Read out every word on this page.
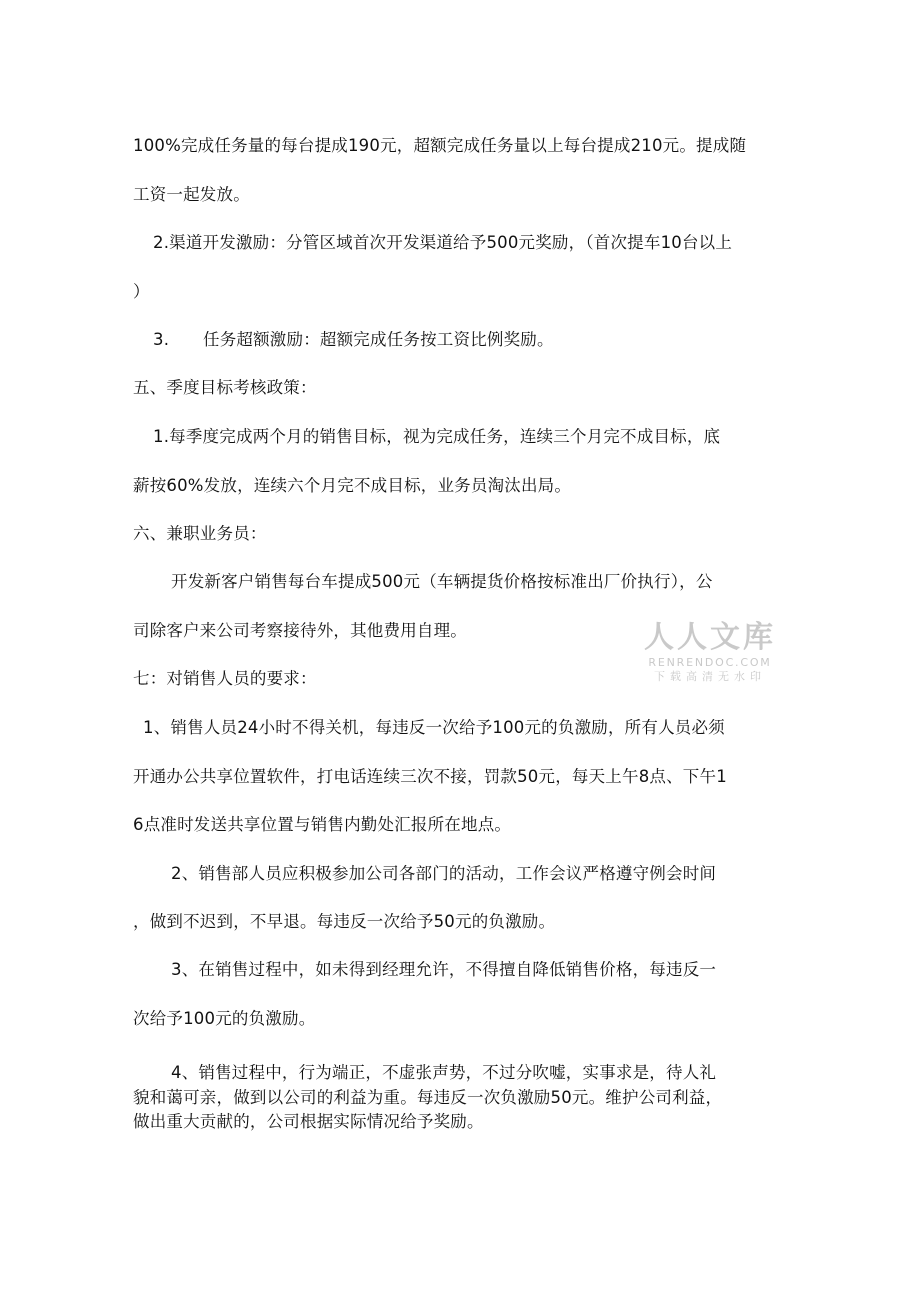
100%完成任务量的每台提成190元，超额完成任务量以上每台提成210元。提成随
工资一起发放。
2.渠道开发激励：分管区域首次开发渠道给予500元奖励，（首次提车10台以上
）
3. 任务超额激励：超额完成任务按工资比例奖励。
五、季度目标考核政策：
1.每季度完成两个月的销售目标，视为完成任务，连续三个月完不成目标，底
薪按60%发放，连续六个月完不成目标，业务员淘汰出局。
六、兼职业务员：
开发新客户销售每台车提成500元（车辆提货价格按标准出厂价执行），公
司除客户来公司考察接待外，其他费用自理。
七：对销售人员的要求：
1、销售人员24小时不得关机，每违反一次给予100元的负激励，所有人员必须
开通办公共享位置软件，打电话连续三次不接，罚款50元，每天上午8点、下午1
6点准时发送共享位置与销售内勤处汇报所在地点。
2、销售部人员应积极参加公司各部门的活动，工作会议严格遵守例会时间
，做到不迟到，不早退。每违反一次给予50元的负激励。
3、在销售过程中，如未得到经理允许，不得擅自降低销售价格，每违反一
次给予100元的负激励。
4、销售过程中，行为端正，不虚张声势，不过分吹嘘，实事求是，待人礼
貌和蔼可亲，做到以公司的利益为重。每违反一次负激励50元。维护公司利益，
做出重大贡献的，公司根据实际情况给予奖励。
人人文库
RENRENDOC.COM
下载高清无水印
